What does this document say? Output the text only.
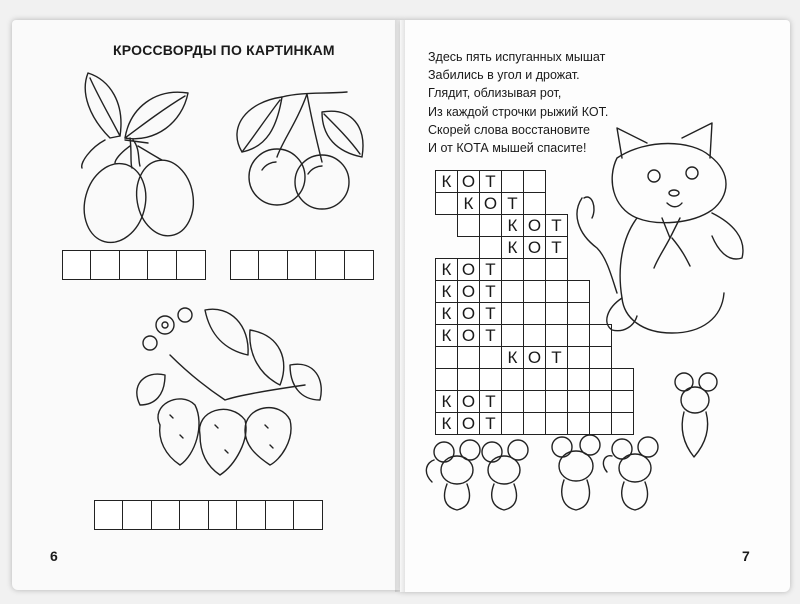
КРОССВОРДЫ ПО КАРТИНКАМ
6
Здесь пять испуганных мышат
Забились в угол и дрожат.
Глядит, облизывая рот,
Из каждой строчки рыжий КОТ.
Скорей слова восстановите
И от КОТА мышей спасите!
К О Т
К О Т
К О Т
К О Т
К О Т
К О Т
К О Т
К О Т
К О Т
К О Т
К О Т
7
